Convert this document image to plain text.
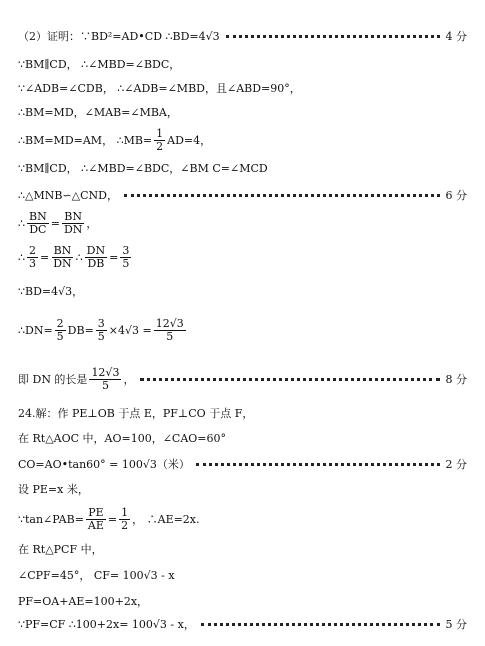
（2）证明：∵BD²=AD•CD ∴BD=4√3	4 分
∵BM∥CD， ∴∠MBD=∠BDC，
∵∠ADB=∠CDB， ∴∠ADB=∠MBD，且∠ABD=90°，
∴BM=MD，∠MAB=∠MBA，
∴BM=MD=AM， ∴MB= $\frac{1}{2} AD=4$，
∵BM∥CD， ∴∠MBD=∠BDC，∠BM C=∠MCD
∴△MNB∽△CND，	6 分
∴ $\frac{BN}{DC} = \frac{BN}{DN}$ ，
∴ $\frac{2}{3} = \frac{BN}{DN}$ ∴ $\frac{DN}{DB} = \frac{3}{5}$
∵BD=4√3，
∴DN= $\frac{2}{5} DB= \frac{3}{5} \times 4√3 = \frac{12√3}{5}$
即 DN 的长是 $\frac{12√3}{5}$ ，	8 分
24.解：作 PE⊥OB 于点 E，PF⊥CO 于点 F，
在 Rt△AOC 中，AO=100，∠CAO=60°
CO=AO•tan60° = 100√3（米）	2 分
设 PE=x 米，
∵tan∠PAB= $\frac{PE}{AE} = \frac{1}{2}$ ， ∴AE=2x.
在 Rt△PCF 中，
∠CPF=45°， CF= 100√3 - x
PF=OA+AE=100+2x，
∵PF=CF ∴100+2x= 100√3 - x，	5 分
